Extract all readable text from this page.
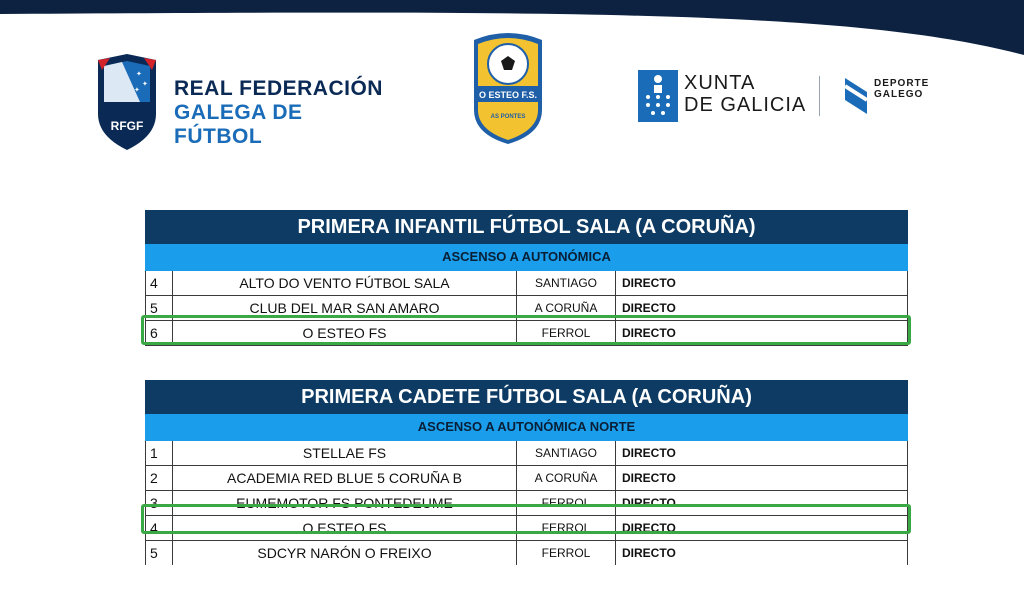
✦
✦
✦
RFGF
REAL FEDERACIÓN
GALEGA DE FÚTBOL
O ESTEO F.S.
AS PONTES
XUNTA
DE GALICIA
DEPORTE
GALEGO
PRIMERA INFANTIL FÚTBOL SALA (A CORUÑA)			
ASCENSO A AUTONÓMICA			
4	ALTO DO VENTO FÚTBOL SALA	SANTIAGO	DIRECTO
5	CLUB DEL MAR SAN AMARO	A CORUÑA	DIRECTO
6	O ESTEO FS	FERROL	DIRECTO
PRIMERA CADETE FÚTBOL SALA (A CORUÑA)			
ASCENSO A AUTONÓMICA NORTE			
1	STELLAE FS	SANTIAGO	DIRECTO
2	ACADEMIA RED BLUE 5 CORUÑA B	A CORUÑA	DIRECTO
3	EUMEMOTOR FS PONTEDEUME	FERROL	DIRECTO
4	O ESTEO FS	FERROL	DIRECTO
5	SDCYR NARÓN O FREIXO	FERROL	DIRECTO
